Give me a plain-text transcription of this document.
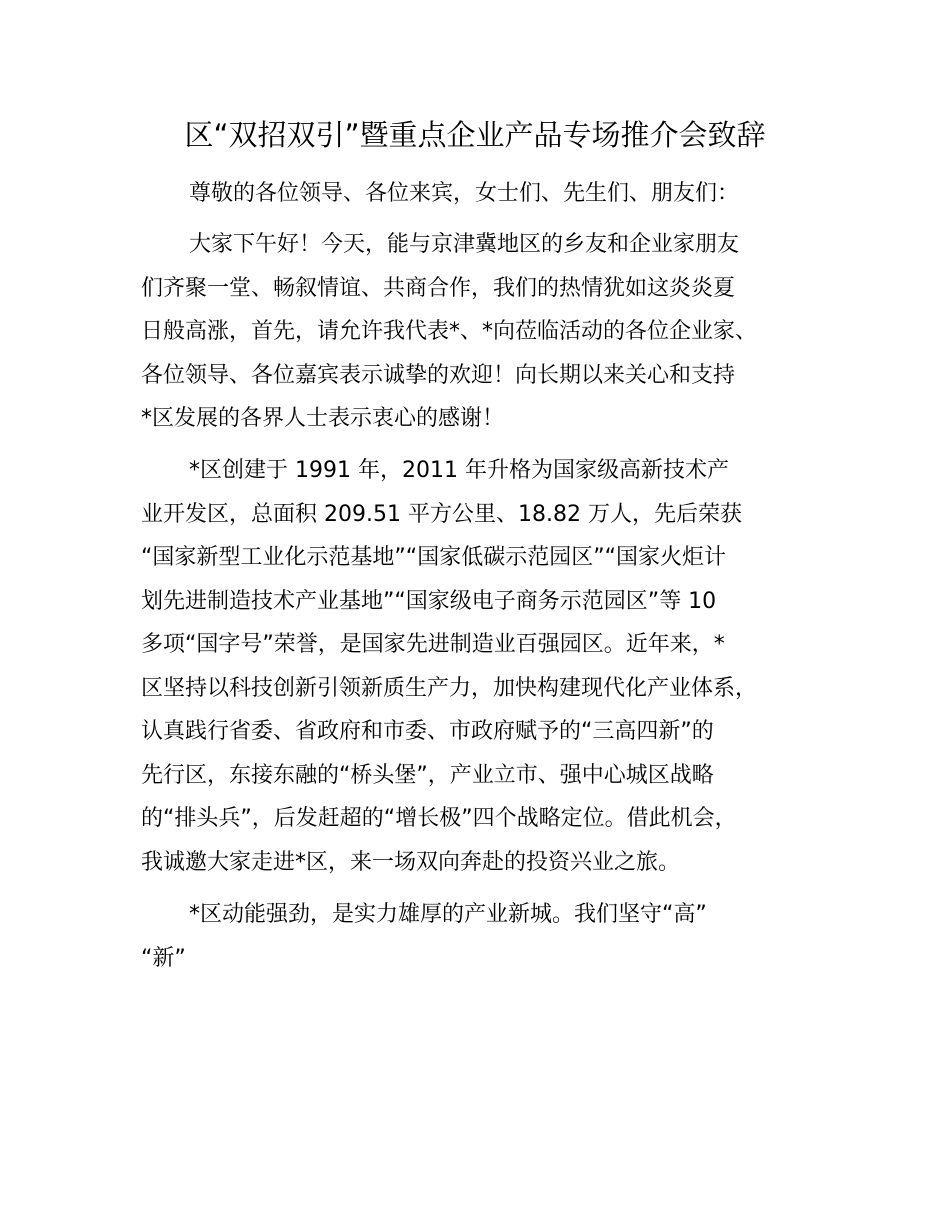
区“双招双引”暨重点企业产品专场推介会致辞
尊敬的各位领导、各位来宾，女士们、先生们、朋友们：
大家下午好！今天，能与京津冀地区的乡友和企业家朋友
们齐聚一堂、畅叙情谊、共商合作，我们的热情犹如这炎炎夏
日般高涨，首先，请允许我代表*、*向莅临活动的各位企业家、
各位领导、各位嘉宾表示诚挚的欢迎！向长期以来关心和支持
*区发展的各界人士表示衷心的感谢！
*区创建于 1991 年，2011 年升格为国家级高新技术产
业开发区，总面积 209.51 平方公里、18.82 万人，先后荣获
“国家新型工业化示范基地”“国家低碳示范园区”“国家火炬计
划先进制造技术产业基地”“国家级电子商务示范园区”等 10
多项“国字号”荣誉，是国家先进制造业百强园区。近年来，*
区坚持以科技创新引领新质生产力，加快构建现代化产业体系，
认真践行省委、省政府和市委、市政府赋予的“三高四新”的
先行区，东接东融的“桥头堡”，产业立市、强中心城区战略
的“排头兵”，后发赶超的“增长极”四个战略定位。借此机会，
我诚邀大家走进*区，来一场双向奔赴的投资兴业之旅。
*区动能强劲，是实力雄厚的产业新城。我们坚守“高”
“新”
